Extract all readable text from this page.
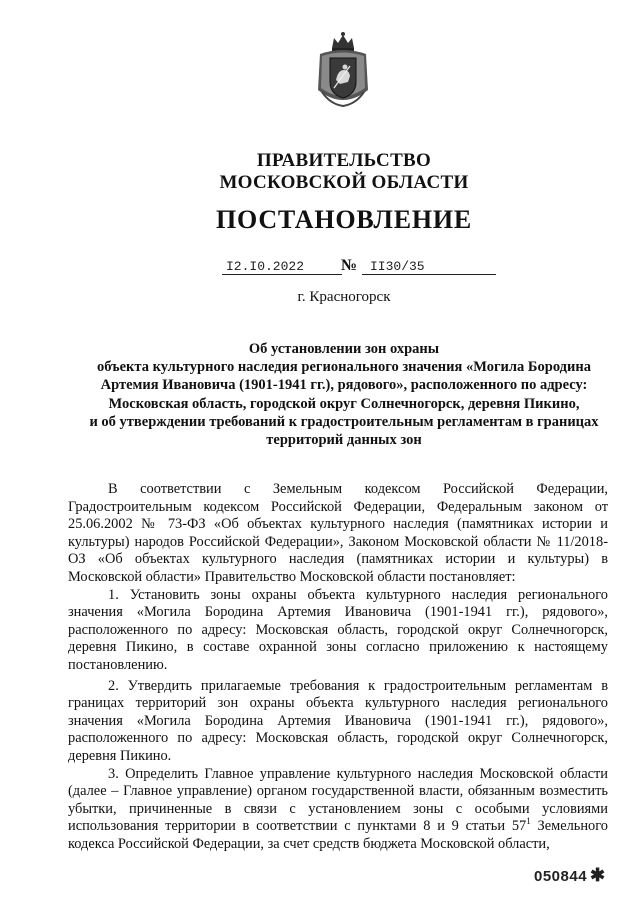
ПРАВИТЕЛЬСТВО
МОСКОВСКОЙ ОБЛАСТИ
ПОСТАНОВЛЕНИЕ
I2.I0.2022	№ II30/35
г. Красногорск
Об установлении зон охраны
объекта культурного наследия регионального значения «Могила Бородина
Артемия Ивановича (1901-1941 гг.), рядового», расположенного по адресу:
Московская область, городской округ Солнечногорск, деревня Пикино,
и об утверждении требований к градостроительным регламентам в границах
территорий данных зон

В соответствии с Земельным кодексом Российской Федерации, Градостроительным кодексом Российской Федерации, Федеральным законом от 25.06.2002 № 73-ФЗ «Об объектах культурного наследия (памятниках истории и культуры) народов Российской Федерации», Законом Московской области № 11/2018-ОЗ «Об объектах культурного наследия (памятниках истории и культуры) в Московской области» Правительство Московской области постановляет:

1. Установить зоны охраны объекта культурного наследия регионального значения «Могила Бородина Артемия Ивановича (1901-1941 гг.), рядового», расположенного по адресу: Московская область, городской округ Солнечногорск, деревня Пикино, в составе охранной зоны согласно приложению к настоящему постановлению.

2. Утвердить прилагаемые требования к градостроительным регламентам в границах территорий зон охраны объекта культурного наследия регионального значения «Могила Бородина Артемия Ивановича (1901-1941 гг.), рядового», расположенного по адресу: Московская область, городской округ Солнечногорск, деревня Пикино.

3. Определить Главное управление культурного наследия Московской области (далее – Главное управление) органом государственной власти, обязанным возместить убытки, причиненные в связи с установлением зоны с особыми условиями использования территории в соответствии с пунктами 8 и 9 статьи $57^1$ Земельного кодекса Российской Федерации, за счет средств бюджета Московской области,

050844 ✱
